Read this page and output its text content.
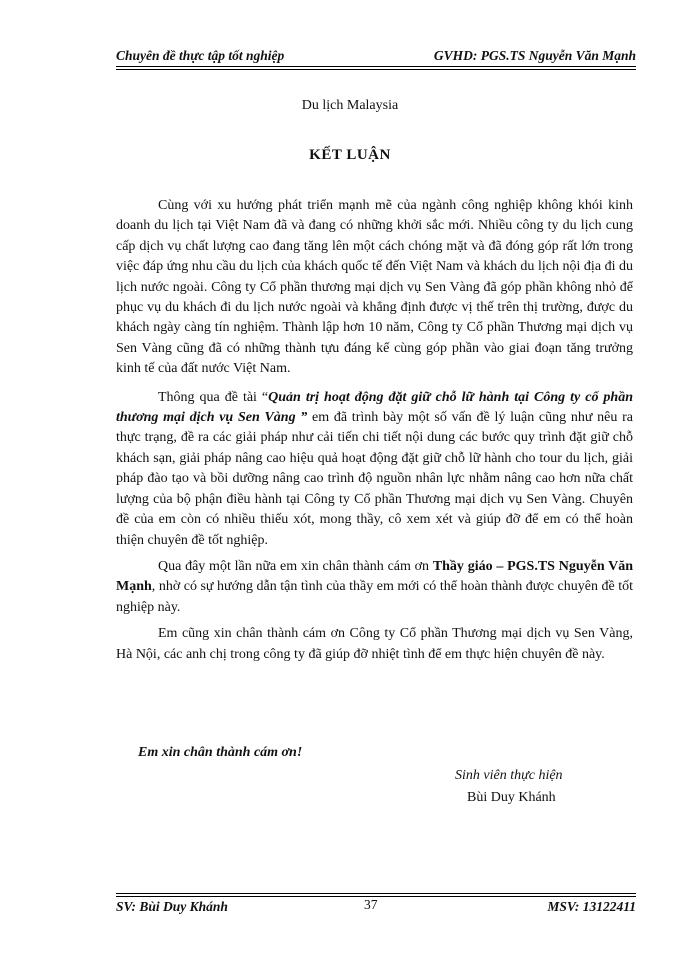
Chuyên đề thực tập tốt nghiệp	GVHD: PGS.TS Nguyễn Văn Mạnh
Du lịch Malaysia
KẾT LUẬN

Cùng với xu hướng phát triển mạnh mẽ của ngành công nghiệp không khói kinh doanh du lịch tại Việt Nam đã và đang có những khởi sắc mới. Nhiều công ty du lịch cung cấp dịch vụ chất lượng cao đang tăng lên một cách chóng mặt và đã đóng góp rất lớn trong việc đáp ứng nhu cầu du lịch của khách quốc tế đến Việt Nam và khách du lịch nội địa đi du lịch nước ngoài. Công ty Cổ phần thương mại dịch vụ Sen Vàng đã góp phần không nhỏ để phục vụ du khách đi du lịch nước ngoài và khẳng định được vị thế trên thị trường, được du khách ngày càng tín nghiệm. Thành lập hơn 10 năm, Công ty Cổ phần Thương mại dịch vụ Sen Vàng cũng đã có những thành tựu đáng kể cùng góp phần vào giai đoạn tăng trưởng kinh tế của đất nước Việt Nam.

Thông qua đề tài “Quản trị hoạt động đặt giữ chỗ lữ hành tại Công ty cổ phần thương mại dịch vụ Sen Vàng ” em đã trình bày một số vấn đề lý luận cũng như nêu ra thực trạng, đề ra các giải pháp như cải tiến chi tiết nội dung các bước quy trình đặt giữ chỗ khách sạn, giải pháp nâng cao hiệu quả hoạt động đặt giữ chỗ lữ hành cho tour du lịch, giải pháp đào tạo và bồi dưỡng nâng cao trình độ nguồn nhân lực nhằm nâng cao hơn nữa chất lượng của bộ phận điều hành tại Công ty Cổ phần Thương mại dịch vụ Sen Vàng. Chuyên đề của em còn có nhiều thiếu xót, mong thầy, cô xem xét và giúp đỡ để em có thể hoàn thiện chuyên đề tốt nghiệp.

Qua đây một lần nữa em xin chân thành cám ơn Thầy giáo – PGS.TS Nguyễn Văn Mạnh, nhờ có sự hướng dẫn tận tình của thầy em mới có thể hoàn thành được chuyên đề tốt nghiệp này.

Em cũng xin chân thành cám ơn Công ty Cổ phần Thương mại dịch vụ Sen Vàng, Hà Nội, các anh chị trong công ty đã giúp đỡ nhiệt tình để em thực hiện chuyên đề này.

Em xin chân thành cám ơn!
Sinh viên thực hiện
Bùi Duy Khánh
SV: Bùi Duy Khánh	37	MSV: 13122411
